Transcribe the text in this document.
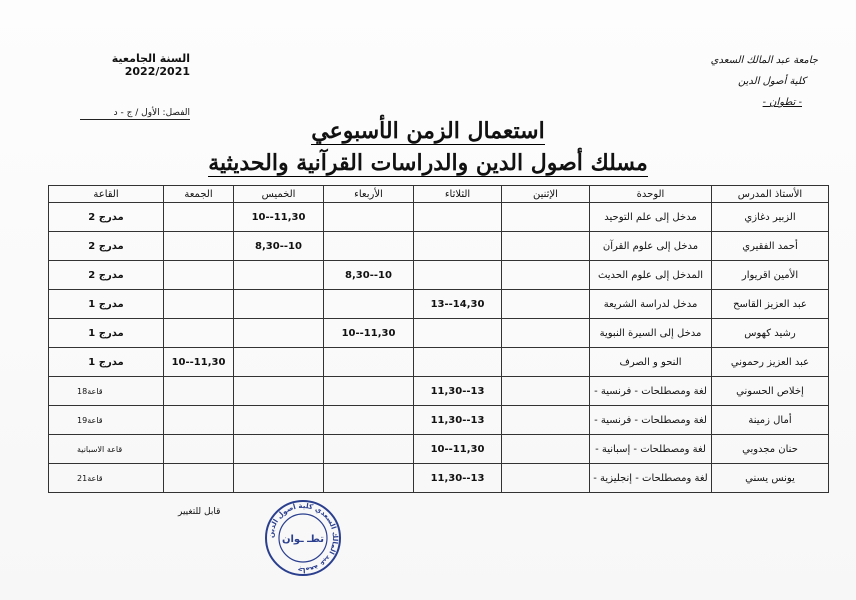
السنة الجامعية 2022/2021
الفصل: الأول / ج - د
جامعة عبد المالك السعدي
كلية أصول الدين
- تطوان -
استعمال الزمن الأسبوعي
مسلك أصول الدين والدراسات القرآنية والحديثية
الأستاذ المدرس	الوحدة	الإثنين	الثلاثاء	الأربعاء	الخميس	الجمعة	القاعة
الزبير دغازي	مدخل إلى علم التوحيد				10--11,30		مدرج 2
أحمد الفقيري	مدخل إلى علوم القرآن				8,30--10		مدرج 2
الأمين اقريوار	المدخل إلى علوم الحديث			8,30--10			مدرج 2
عبد العزيز القاسح	مدخل لدراسة الشريعة		13--14,30				مدرج 1
رشيد كهوس	مدخل إلى السيرة النبوية			10--11,30			مدرج 1
عبد العزيز رحموني	النحو و الصرف					10--11,30	مدرج 1
إخلاص الحسوني	لغة ومصطلحات - فرنسية -		11,30--13				قاعة18
أمال زمينة	لغة ومصطلحات - فرنسية -		11,30--13				قاعة19
حنان مجدوبي	لغة ومصطلحات - إسبانية -		10--11,30				قاعة الاسبانية
يونس يسني	لغة ومصطلحات - إنجليزية -		11,30--13				قاعة21
قابل للتغيير
جامعة عبد المالك السعدي كلية أصول الدين
تطـ ـوان
